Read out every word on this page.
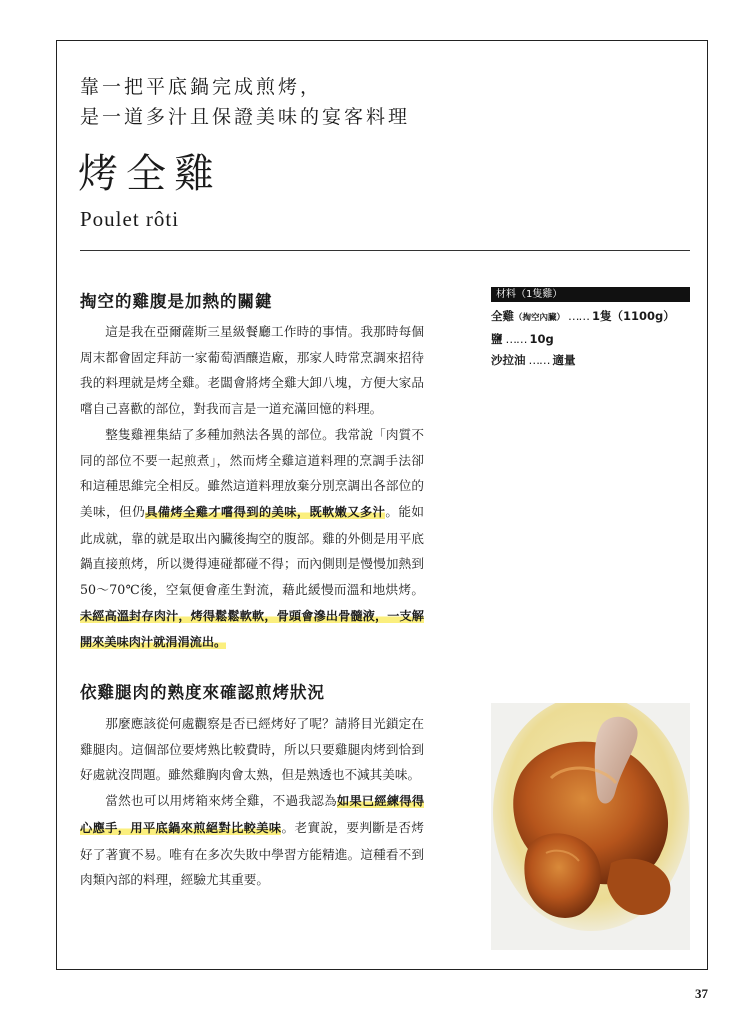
靠一把平底鍋完成煎烤，
是一道多汁且保證美味的宴客料理
烤全雞
Poulet rôti
掏空的雞腹是加熱的關鍵

這是我在亞爾薩斯三星級餐廳工作時的事情。我那時每個周末都會固定拜訪一家葡萄酒釀造廠，那家人時常烹調來招待我的料理就是烤全雞。老闆會將烤全雞大卸八塊，方便大家品嚐自己喜歡的部位，對我而言是一道充滿回憶的料理。

整隻雞裡集結了多種加熱法各異的部位。我常說「肉質不同的部位不要一起煎煮」，然而烤全雞這道料理的烹調手法卻和這種思維完全相反。雖然這道料理放棄分別烹調出各部位的美味，但仍具備烤全雞才嚐得到的美味，既軟嫩又多汁。能如此成就，靠的就是取出內臟後掏空的腹部。雞的外側是用平底鍋直接煎烤，所以燙得連碰都碰不得；而內側則是慢慢加熱到50～70℃後，空氣便會產生對流，藉此緩慢而溫和地烘烤。未經高溫封存肉汁，烤得鬆鬆軟軟，骨頭會滲出骨髓液，一支解開來美味肉汁就涓涓流出。

依雞腿肉的熟度來確認煎烤狀況

那麼應該從何處觀察是否已經烤好了呢？請將目光鎖定在雞腿肉。這個部位要烤熟比較費時，所以只要雞腿肉烤到恰到好處就沒問題。雖然雞胸肉會太熟，但是熟透也不減其美味。

當然也可以用烤箱來烤全雞，不過我認為如果已經練得得心應手，用平底鍋來煎絕對比較美味。老實說，要判斷是否烤好了著實不易。唯有在多次失敗中學習方能精進。這種看不到肉類內部的料理，經驗尤其重要。

材料（1隻雞）
全雞（掏空內臟） …… 1隻（1100g）
鹽 …… 10g
沙拉油 …… 適量
37
